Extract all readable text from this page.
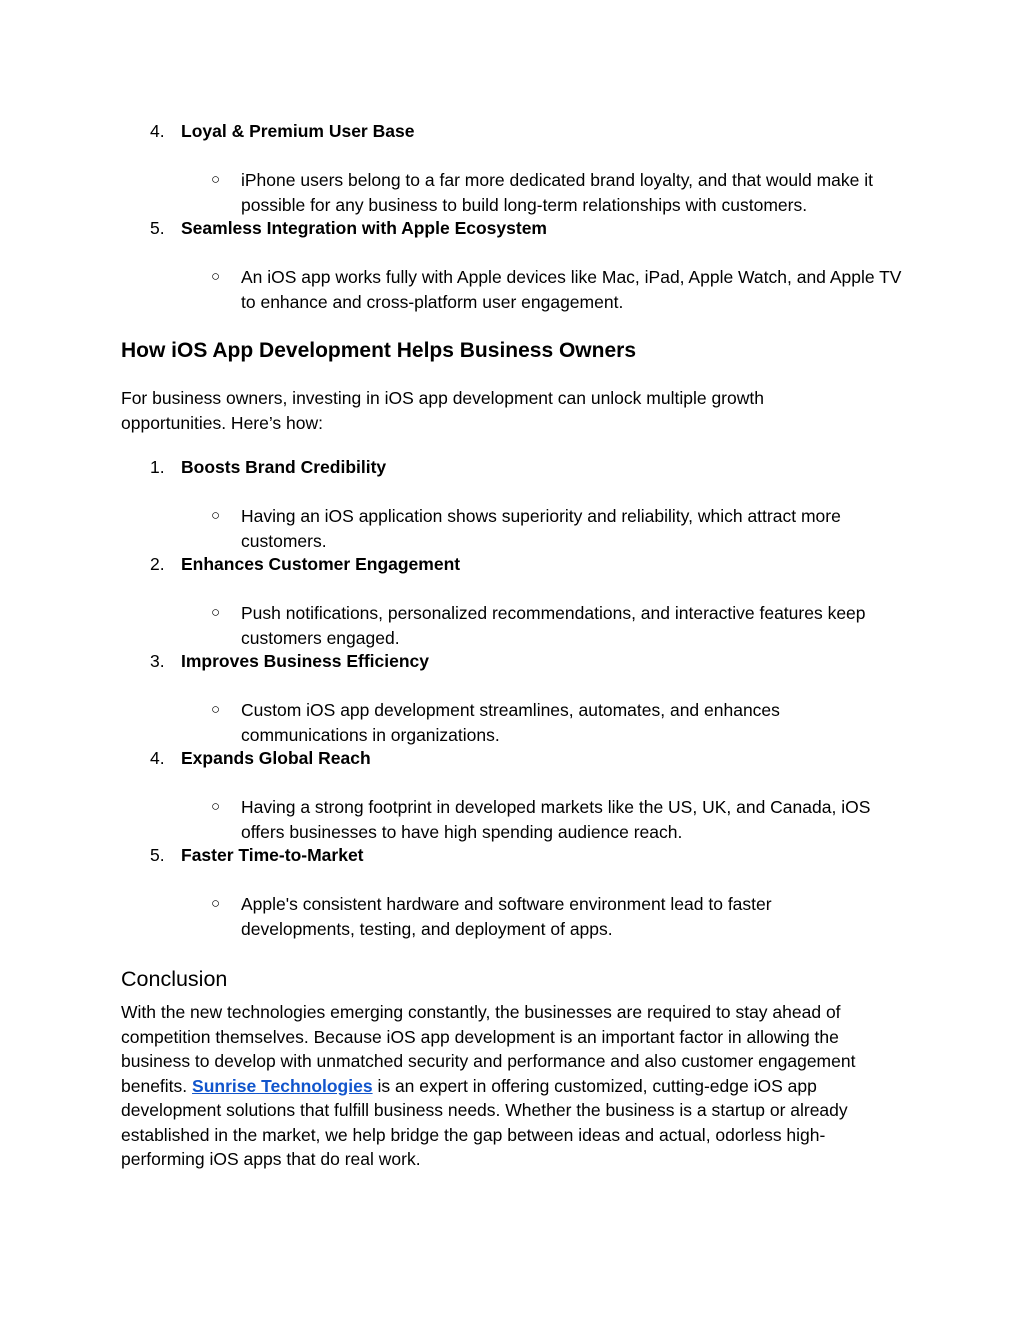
4. Loyal & Premium User Base
○ iPhone users belong to a far more dedicated brand loyalty, and that would make it possible for any business to build long-term relationships with customers.
5. Seamless Integration with Apple Ecosystem
○ An iOS app works fully with Apple devices like Mac, iPad, Apple Watch, and Apple TV to enhance and cross-platform user engagement.
How iOS App Development Helps Business Owners
For business owners, investing in iOS app development can unlock multiple growth opportunities. Here’s how:
1. Boosts Brand Credibility
○ Having an iOS application shows superiority and reliability, which attract more customers.
2. Enhances Customer Engagement
○ Push notifications, personalized recommendations, and interactive features keep customers engaged.
3. Improves Business Efficiency
○ Custom iOS app development streamlines, automates, and enhances communications in organizations.
4. Expands Global Reach
○ Having a strong footprint in developed markets like the US, UK, and Canada, iOS offers businesses to have high spending audience reach.
5. Faster Time-to-Market
○ Apple's consistent hardware and software environment lead to faster developments, testing, and deployment of apps.
Conclusion
With the new technologies emerging constantly, the businesses are required to stay ahead of competition themselves. Because iOS app development is an important factor in allowing the business to develop with unmatched security and performance and also customer engagement benefits. Sunrise Technologies is an expert in offering customized, cutting-edge iOS app development solutions that fulfill business needs. Whether the business is a startup or already established in the market, we help bridge the gap between ideas and actual, odorless high-performing iOS apps that do real work.
